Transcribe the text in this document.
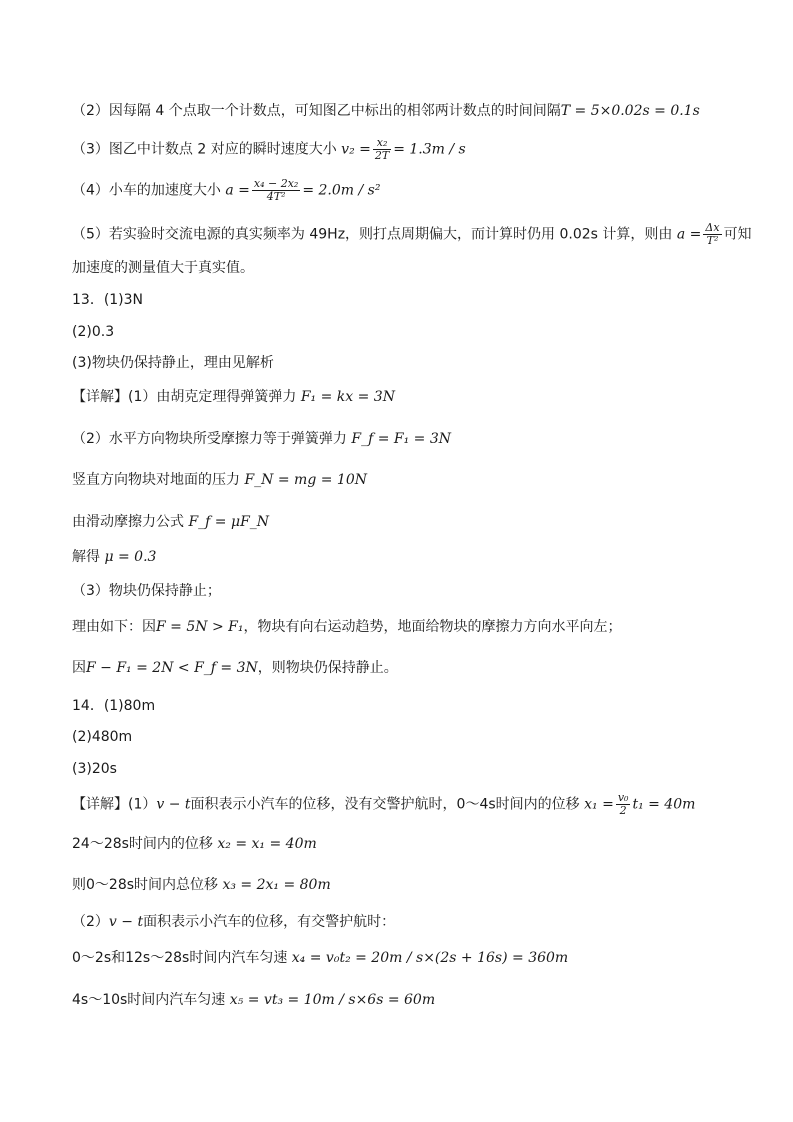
（2）因每隔 4 个点取一个计数点，可知图乙中标出的相邻两计数点的时间间隔T = 5×0.02s = 0.1s
（3）图乙中计数点 2 对应的瞬时速度大小 $v_2 = \frac{\text{x₂}}{2T} = 1.3m / s$
（4）小车的加速度大小 $a = \frac{\text{x₄ − 2x₂}}{\text{4T²}} = 2.0m / s^2$
（5）若实验时交流电源的真实频率为 49Hz，则打点周期偏大，而计算时仍用 0.02s 计算，则由 $a = \frac{\Delta x}{\text{T²}}$ 可知
加速度的测量值大于真实值。
13．(1)3N
(2)0.3
(3)物块仍保持静止，理由见解析
【详解】(1）由胡克定理得弹簧弹力 F₁ = kx = 3N
（2）水平方向物块所受摩擦力等于弹簧弹力 F_f = F₁ = 3N
竖直方向物块对地面的压力 F_N = mg = 10N
由滑动摩擦力公式 F_f = μF_N
解得 μ = 0.3
（3）物块仍保持静止；
理由如下：因F = 5N > F₁，物块有向右运动趋势，地面给物块的摩擦力方向水平向左；
因F − F₁ = 2N < F_f = 3N，则物块仍保持静止。
14．(1)80m
(2)480m
(3)20s
【详解】(1）v − t面积表示小汽车的位移，没有交警护航时，0～4s时间内的位移 $x_1 = \frac{\text{v₀}}{2} t_1 = 40m$
24～28s时间内的位移 x₂ = x₁ = 40m
则0～28s时间内总位移 x₃ = 2x₁ = 80m
（2）v − t面积表示小汽车的位移，有交警护航时：
0～2s和12s～28s时间内汽车匀速 x₄ = v₀t₂ = 20m / s×(2s + 16s) = 360m
4s～10s时间内汽车匀速 x₅ = vt₃ = 10m / s×6s = 60m
